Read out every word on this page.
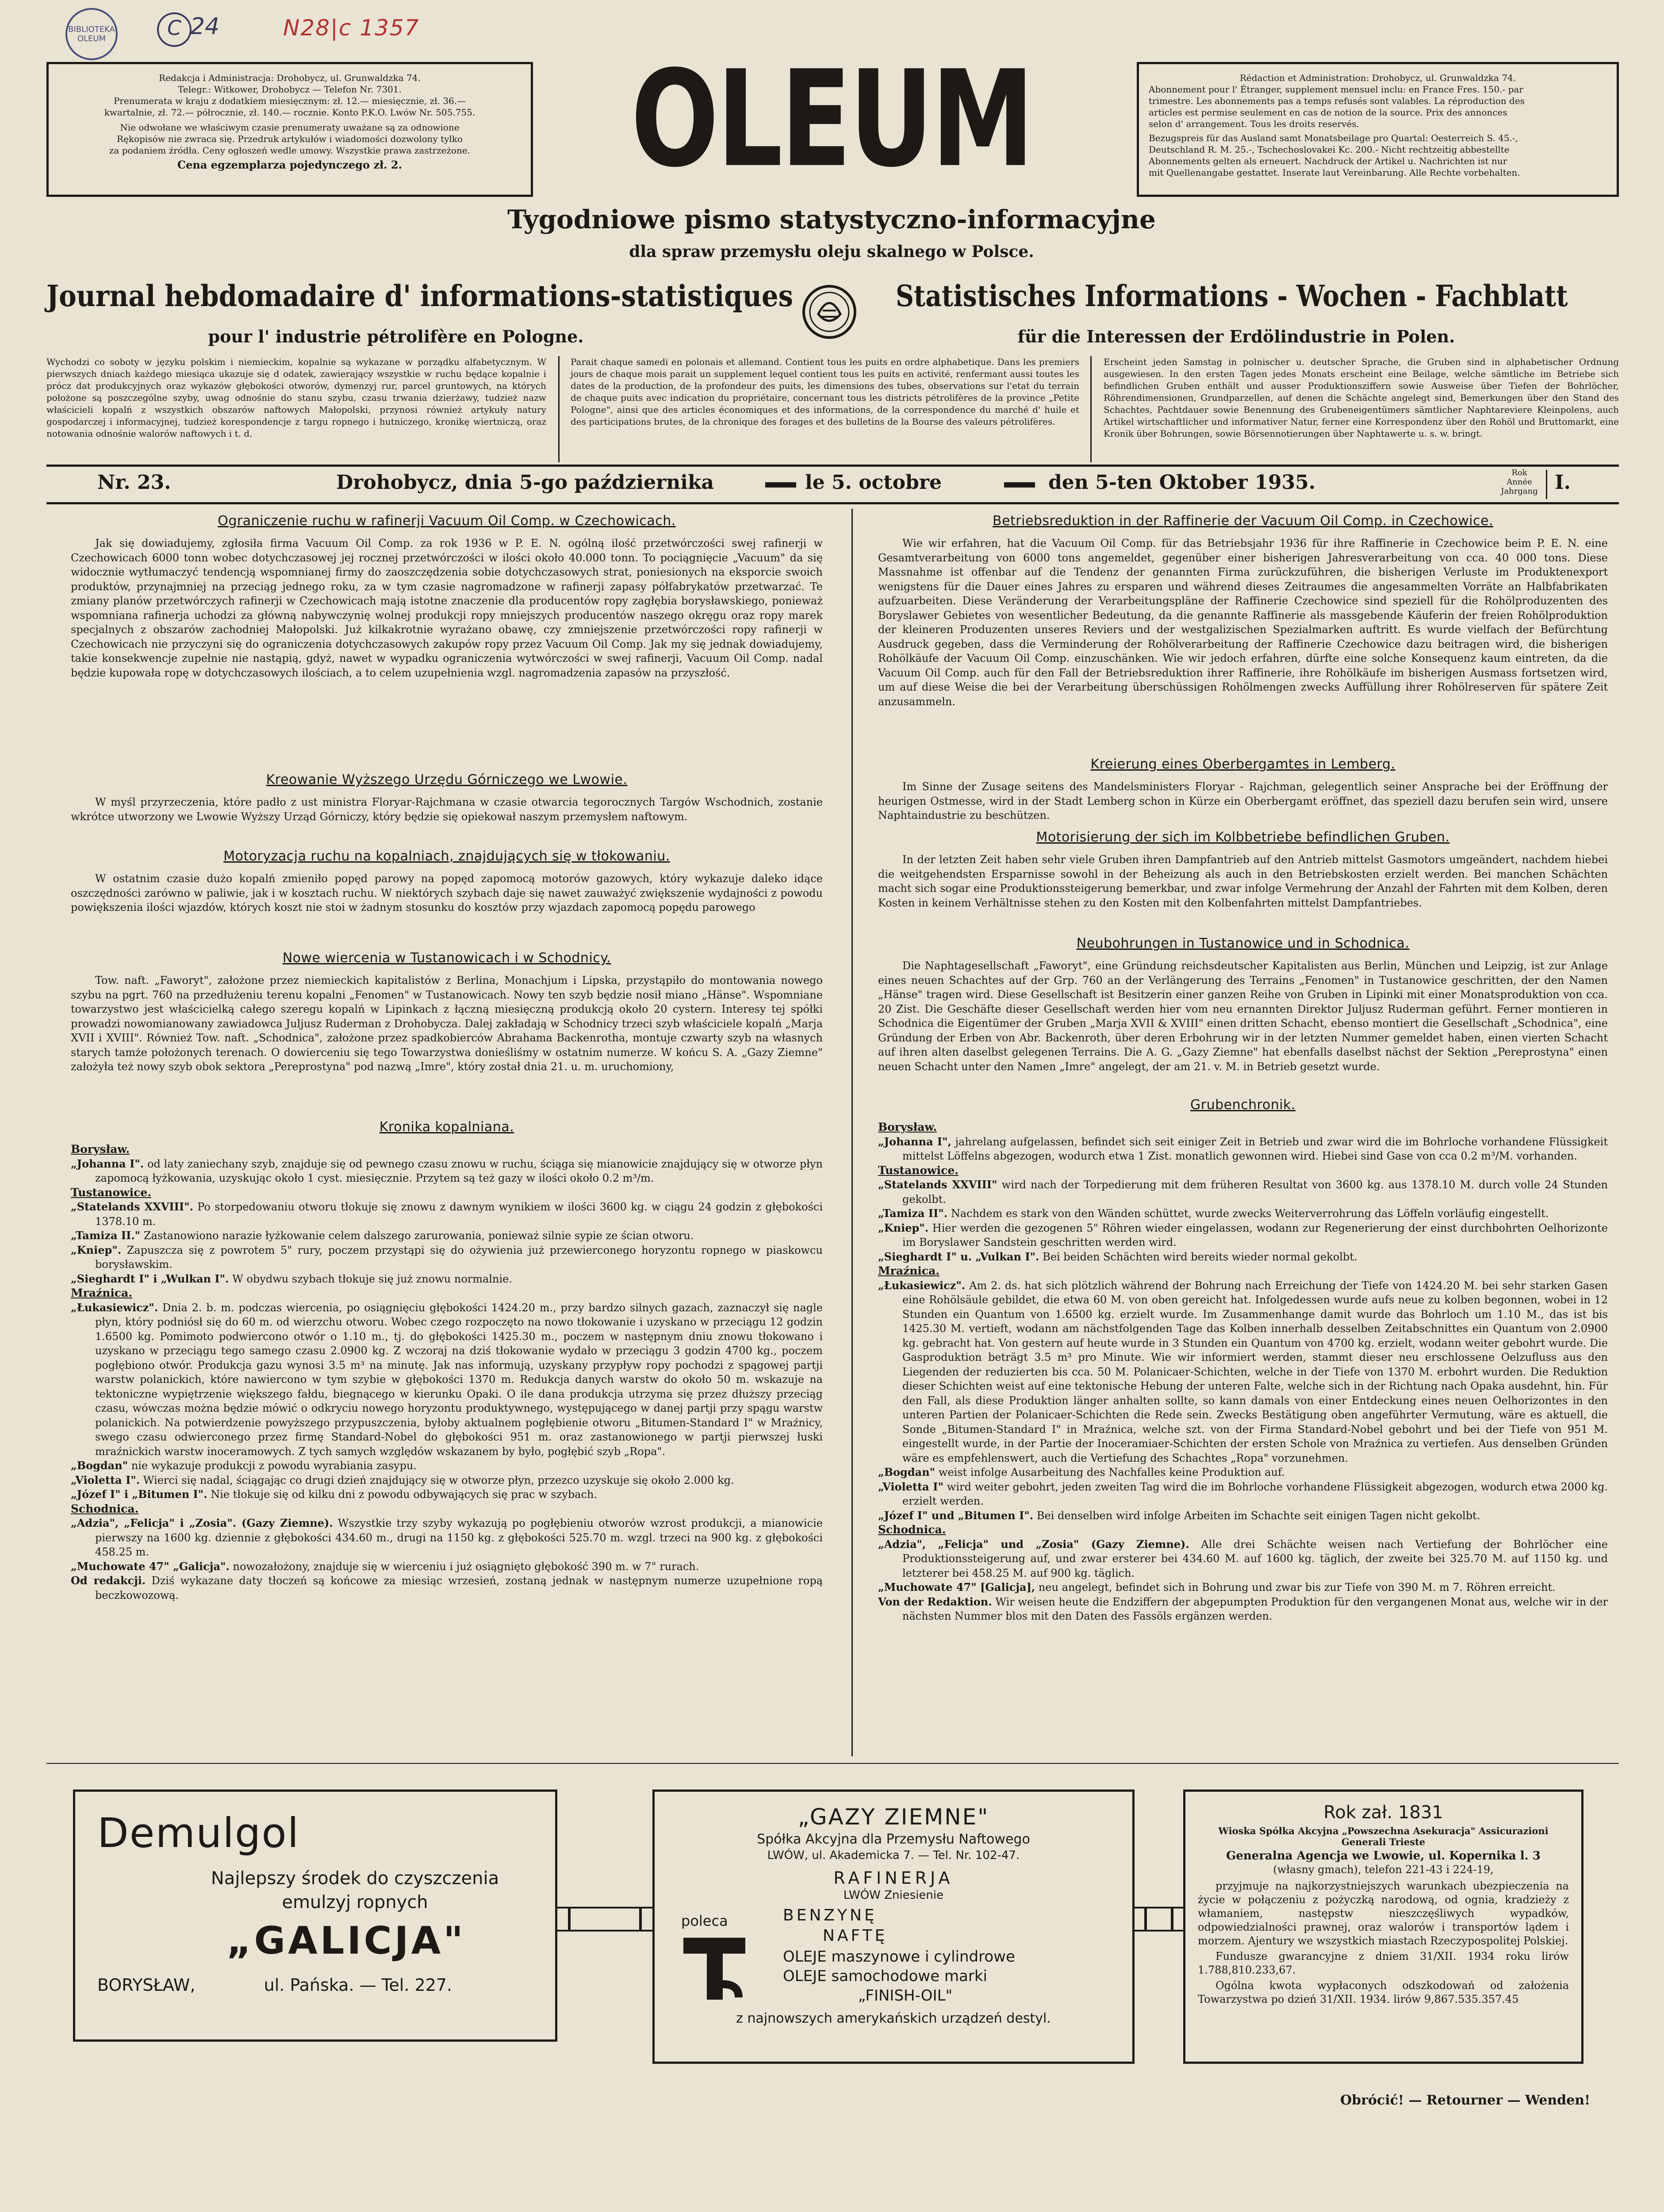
BIBLIOTEKA OLEUM	C 24	N28|c 1357
Redakcja i Administracja: Drohobycz, ul. Grunwaldzka 74.
Telegr.: Witkower, Drohobycz — Telefon Nr. 7301.
Prenumerata w kraju z dodatkiem miesięcznym: zł. 12.— miesięcznie, zł. 36.—
kwartalnie, zł. 72.— półrocznie, zł. 140.— rocznie. Konto P.K.O. Lwów Nr. 505.755.
Nie odwołane we właściwym czasie prenumeraty uważane są za odnowione
Rękopisów nie zwraca się. Przedruk artykułów i wiadomości dozwolony tylko
za podaniem źródła. Ceny ogłoszeń wedle umowy. Wszystkie prawa zastrzeżone.
Cena egzemplarza pojedynczego zł. 2.	OLEUM	Rédaction et Administration: Drohobycz, ul. Grunwaldzka 74.
Abonnement pour l' Étranger, supplement mensuel inclu: en France Fres. 150.- par
trimestre. Les abonnements pas a temps refusés sont valables. La réproduction des
articles est permise seulement en cas de notion de la source. Prix des annonces
selon d' arrangement. Tous les droits reservés.
Bezugspreis für das Ausland samt Monatsbeilage pro Quartal: Oesterreich S. 45.-,
Deutschland R. M. 25.-, Tschechoslovakei Kc. 200.- Nicht rechtzeitig abbestellte
Abonnements gelten als erneuert. Nachdruck der Artikel u. Nachrichten ist nur
mit Quellenangabe gestattet. Inserate laut Vereinbarung. Alle Rechte vorbehalten.
Tygodniowe pismo statystyczno-informacyjne
dla spraw przemysłu oleju skalnego w Polsce.
Journal hebdomadaire d' informations-statistiques
pour l' industrie pétrolifère en Pologne.
Statistisches Informations - Wochen - Fachblatt
für die Interessen der Erdölindustrie in Polen.
Wychodzi co soboty w języku polskim i niemieckim, kopalnie są wykazane w porządku alfabetycznym. W pierwszych dniach każdego miesiąca ukazuje się d odatek, zawierający wszystkie w ruchu będące kopalnie i prócz dat produkcyjnych oraz wykazów głębokości otworów, dymenzyj rur, parcel gruntowych, na których położone są poszczególne szyby, uwag odnośnie do stanu szybu, czasu trwania dzierżawy, tudzież nazw właścicieli kopalń z wszystkich obszarów naftowych Małopolski, przynosi również artykuły natury gospodarczej i informacyjnej, tudzież korespondencje z targu ropnego i hutniczego, kronikę wiertniczą, oraz notowania odnośnie walorów naftowych i t. d.
Parait chaque samedi en polonais et allemand. Contient tous les puits en ordre alphabetique. Dans les premiers jours de chaque mois parait un supplement lequel contient tous les puits en activité, renfermant aussi toutes les dates de la production, de la profondeur des puits, les dimensions des tubes, observations sur l'etat du terrain de chaque puits avec indication du propriétaire, concernant tous les districts pétrolifères de la province „Petite Pologne", ainsi que des articles économiques et des informations, de la correspondence du marché d' huile et des participations brutes, de la chronique des forages et des bulletins de la Bourse des valeurs pétrolifères.
Erscheint jeden Samstag in polnischer u. deutscher Sprache, die Gruben sind in alphabetischer Ordnung ausgewiesen. In den ersten Tagen jedes Monats erscheint eine Beilage, welche sämtliche im Betriebe sich befindlichen Gruben enthält und ausser Produktionsziffern sowie Ausweise über Tiefen der Bohrlöcher, Röhrendimensionen, Grundparzellen, auf denen die Schächte angelegt sind, Bemerkungen über den Stand des Schachtes, Pachtdauer sowie Benennung des Grubeneigentümers sämtlicher Naphtareviere Kleinpolens, auch Artikel wirtschaftlicher und informativer Natur, ferner eine Korrespondenz über den Rohöl und Bruttomarkt, eine Kronik über Bohrungen, sowie Börsennotierungen über Naphtawerte u. s. w. bringt.
Nr. 23.	Drohobycz, dnia 5-go października	le 5. octobre	den 5-ten Oktober 1935.	Rok
Année
Jahrgang I.
Ograniczenie ruchu w rafinerji Vacuum Oil Comp. w Czechowicach.
Jak się dowiadujemy, zgłosiła firma Vacuum Oil Comp. za rok 1936 w P. E. N. ogólną ilość przetwórczości swej rafinerji w Czechowicach 6000 tonn wobec dotychczasowej jej rocznej przetwórczości w ilości około 40.000 tonn. To pociągnięcie „Vacuum" da się widocznie wytłumaczyć tendencją wspomnianej firmy do zaoszczędzenia sobie dotychczasowych strat, poniesionych na eksporcie swoich produktów, przynajmniej na przeciąg jednego roku, za w tym czasie nagromadzone w rafinerji zapasy półfabrykatów przetwarzać. Te zmiany planów przetwórczych rafinerji w Czechowicach mają istotne znaczenie dla producentów ropy zagłębia borysławskiego, ponieważ wspomniana rafinerja uchodzi za główną nabywczynię wolnej produkcji ropy mniejszych producentów naszego okręgu oraz ropy marek specjalnych z obszarów zachodniej Małopolski. Już kilkakrotnie wyrażano obawę, czy zmniejszenie przetwórczości ropy rafinerji w Czechowicach nie przyczyni się do ograniczenia dotychczasowych zakupów ropy przez Vacuum Oil Comp. Jak my się jednak dowiadujemy, takie konsekwencje zupełnie nie nastąpią, gdyż, nawet w wypadku ograniczenia wytwórczości w swej rafinerji, Vacuum Oil Comp. nadal będzie kupowała ropę w dotychczasowych ilościach, a to celem uzupełnienia wzgl. nagromadzenia zapasów na przyszłość.
Kreowanie Wyższego Urzędu Górniczego we Lwowie.
W myśl przyrzeczenia, które padło z ust ministra Floryar-Rajchmana w czasie otwarcia tegorocznych Targów Wschodnich, zostanie wkrótce utworzony we Lwowie Wyższy Urząd Górniczy, który będzie się opiekował naszym przemysłem naftowym.
Motoryzacja ruchu na kopalniach, znajdujących się w tłokowaniu.
W ostatnim czasie dużo kopalń zmieniło popęd parowy na popęd zapomocą motorów gazowych, który wykazuje daleko idące oszczędności zarówno w paliwie, jak i w kosztach ruchu. W niektórych szybach daje się nawet zauważyć zwiększenie wydajności z powodu powiększenia ilości wjazdów, których koszt nie stoi w żadnym stosunku do kosztów przy wjazdach zapomocą popędu parowego
Nowe wiercenia w Tustanowicach i w Schodnicy.
Tow. naft. „Faworyt", założone przez niemieckich kapitalistów z Berlina, Monachjum i Lipska, przystąpiło do montowania nowego szybu na pgrt. 760 na przedłużeniu terenu kopalni „Fenomen" w Tustanowicach. Nowy ten szyb będzie nosił miano „Hänse". Wspomniane towarzystwo jest właścicielką całego szeregu kopalń w Lipinkach z łączną miesięczną produkcją około 20 cystern. Interesy tej spółki prowadzi nowomianowany zawiadowca Juljusz Ruderman z Drohobycza. Dalej zakładają w Schodnicy trzeci szyb właściciele kopalń „Marja XVII i XVIII". Również Tow. naft. „Schodnica", założone przez spadkobierców Abrahama Backenrotha, montuje czwarty szyb na własnych starych tamże położonych terenach. O dowierceniu się tego Towarzystwa donieśliśmy w ostatnim numerze. W końcu S. A. „Gazy Ziemne" założyła też nowy szyb obok sektora „Pereprostyna" pod nazwą „Imre", który został dnia 21. u. m. uruchomiony,
Kronika kopalniana.

Borysław.

„Johanna I". od laty zaniechany szyb, znajduje się od pewnego czasu znowu w ruchu, ściąga się mianowicie znajdujący się w otworze płyn zapomocą łyżkowania, uzyskując około 1 cyst. miesięcznie. Przytem są też gazy w ilości około 0.2 m³/m.

Tustanowice.

„Statelands XXVIII". Po storpedowaniu otworu tłokuje się znowu z dawnym wynikiem w ilości 3600 kg. w ciągu 24 godzin z głębokości 1378.10 m.

„Tamiza II." Zastanowiono narazie łyżkowanie celem dalszego zarurowania, ponieważ silnie sypie ze ścian otworu.

„Kniep". Zapuszcza się z powrotem 5" rury, poczem przystąpi się do ożywienia już przewierconego horyzontu ropnego w piaskowcu borysławskim.

„Sieghardt I" i „Wulkan I". W obydwu szybach tłokuje się już znowu normalnie.

Mraźnica.

„Łukasiewicz". Dnia 2. b. m. podczas wiercenia, po osiągnięciu głębokości 1424.20 m., przy bardzo silnych gazach, zaznaczył się nagle płyn, który podniósł się do 60 m. od wierzchu otworu. Wobec czego rozpoczęto na nowo tłokowanie i uzyskano w przeciągu 12 godzin 1.6500 kg. Pomimoto podwiercono otwór o 1.10 m., tj. do głębokości 1425.30 m., poczem w następnym dniu znowu tłokowano i uzyskano w przeciągu tego samego czasu 2.0900 kg. Z wczoraj na dziś tłokowanie wydało w przeciągu 3 godzin 4700 kg., poczem pogłębiono otwór. Produkcja gazu wynosi 3.5 m³ na minutę. Jak nas informują, uzyskany przypływ ropy pochodzi z spągowej partji warstw polanickich, które nawiercono w tym szybie w głębokości 1370 m. Redukcja danych warstw do około 50 m. wskazuje na tektoniczne wypiętrzenie większego fałdu, biegnącego w kierunku Opaki. O ile dana produkcja utrzyma się przez dłuższy przeciąg czasu, wówczas można będzie mówić o odkryciu nowego horyzontu produktywnego, występującego w danej partji przy spągu warstw polanickich. Na potwierdzenie powyższego przypuszczenia, byłoby aktualnem pogłębienie otworu „Bitumen-Standard I" w Mraźnicy, swego czasu odwierconego przez firmę Standard-Nobel do głębokości 951 m. oraz zastanowionego w partji pierwszej łuski mraźnickich warstw inoceramowych. Z tych samych względów wskazanem by było, pogłębić szyb „Ropa".

„Bogdan" nie wykazuje produkcji z powodu wyrabiania zasypu.

„Violetta I". Wierci się nadal, ściągając co drugi dzień znajdujący się w otworze płyn, przezco uzyskuje się około 2.000 kg.

„Józef I" i „Bitumen I". Nie tłokuje się od kilku dni z powodu odbywających się prac w szybach.

Schodnica.

„Adzia", „Felicja" i „Zosia". (Gazy Ziemne). Wszystkie trzy szyby wykazują po pogłębieniu otworów wzrost produkcji, a mianowicie pierwszy na 1600 kg. dziennie z głębokości 434.60 m., drugi na 1150 kg. z głębokości 525.70 m. wzgl. trzeci na 900 kg. z głębokości 458.25 m.

„Muchowate 47" „Galicja". nowozałożony, znajduje się w wierceniu i już osiągnięto głębokość 390 m. w 7" rurach.

Od redakcji. Dziś wykazane daty tłoczeń są końcowe za miesiąc wrzesień, zostaną jednak w następnym numerze uzupełnione ropą beczkowozową.

Betriebsreduktion in der Raffinerie der Vacuum Oil Comp. in Czechowice.
Wie wir erfahren, hat die Vacuum Oil Comp. für das Betriebsjahr 1936 für ihre Raffinerie in Czechowice beim P. E. N. eine Gesamtverarbeitung von 6000 tons angemeldet, gegenüber einer bisherigen Jahresverarbeitung von cca. 40 000 tons. Diese Massnahme ist offenbar auf die Tendenz der genannten Firma zurückzuführen, die bisherigen Verluste im Produktenexport wenigstens für die Dauer eines Jahres zu ersparen und während dieses Zeitraumes die angesammelten Vorräte an Halbfabrikaten aufzuarbeiten. Diese Veränderung der Verarbeitungspläne der Raffinerie Czechowice sind speziell für die Rohölproduzenten des Boryslawer Gebietes von wesentlicher Bedeutung, da die genannte Raffinerie als massgebende Käuferin der freien Rohölproduktion der kleineren Produzenten unseres Reviers und der westgalizischen Spezialmarken auftritt. Es wurde vielfach der Befürchtung Ausdruck gegeben, dass die Verminderung der Rohölverarbeitung der Raffinerie Czechowice dazu beitragen wird, die bisherigen Rohölkäufe der Vacuum Oil Comp. einzuschänken. Wie wir jedoch erfahren, dürfte eine solche Konsequenz kaum eintreten, da die Vacuum Oil Comp. auch für den Fall der Betriebsreduktion ihrer Raffinerie, ihre Rohölkäufe im bisherigen Ausmass fortsetzen wird, um auf diese Weise die bei der Verarbeitung überschüssigen Rohölmengen zwecks Auffüllung ihrer Rohölreserven für spätere Zeit anzusammeln.
Kreierung eines Oberbergamtes in Lemberg.
Im Sinne der Zusage seitens des Mandelsministers Floryar - Rajchman, gelegentlich seiner Ansprache bei der Eröffnung der heurigen Ostmesse, wird in der Stadt Lemberg schon in Kürze ein Oberbergamt eröffnet, das speziell dazu berufen sein wird, unsere Naphtaindustrie zu beschützen.
Motorisierung der sich im Kolbbetriebe befindlichen Gruben.
In der letzten Zeit haben sehr viele Gruben ihren Dampfantrieb auf den Antrieb mittelst Gasmotors umgeändert, nachdem hiebei die weitgehendsten Ersparnisse sowohl in der Beheizung als auch in den Betriebskosten erzielt werden. Bei manchen Schächten macht sich sogar eine Produktionssteigerung bemerkbar, und zwar infolge Vermehrung der Anzahl der Fahrten mit dem Kolben, deren Kosten in keinem Verhältnisse stehen zu den Kosten mit den Kolbenfahrten mittelst Dampfantriebes.
Neubohrungen in Tustanowice und in Schodnica.
Die Naphtagesellschaft „Faworyt", eine Gründung reichsdeutscher Kapitalisten aus Berlin, München und Leipzig, ist zur Anlage eines neuen Schachtes auf der Grp. 760 an der Verlängerung des Terrains „Fenomen" in Tustanowice geschritten, der den Namen „Hänse" tragen wird. Diese Gesellschaft ist Besitzerin einer ganzen Reihe von Gruben in Lipinki mit einer Monatsproduktion von cca. 20 Zist. Die Geschäfte dieser Gesellschaft werden hier vom neu ernannten Direktor Juljusz Ruderman geführt. Ferner montieren in Schodnica die Eigentümer der Gruben „Marja XVII & XVIII" einen dritten Schacht, ebenso montiert die Gesellschaft „Schodnica", eine Gründung der Erben von Abr. Backenroth, über deren Erbohrung wir in der letzten Nummer gemeldet haben, einen vierten Schacht auf ihren alten daselbst gelegenen Terrains. Die A. G. „Gazy Ziemne" hat ebenfalls daselbst nächst der Sektion „Pereprostyna" einen neuen Schacht unter den Namen „Imre" angelegt, der am 21. v. M. in Betrieb gesetzt wurde.
Grubenchronik.

Borysław.

„Johanna I", jahrelang aufgelassen, befindet sich seit einiger Zeit in Betrieb und zwar wird die im Bohrloche vorhandene Flüssigkeit mittelst Löffelns abgezogen, wodurch etwa 1 Zist. monatlich gewonnen wird. Hiebei sind Gase von cca 0.2 m³/M. vorhanden.

Tustanowice.

„Statelands XXVIII" wird nach der Torpedierung mit dem früheren Resultat von 3600 kg. aus 1378.10 M. durch volle 24 Stunden gekolbt.

„Tamiza II". Nachdem es stark von den Wänden schüttet, wurde zwecks Weiterverrohrung das Löffeln vorläufig eingestellt.

„Kniep". Hier werden die gezogenen 5" Röhren wieder eingelassen, wodann zur Regenerierung der einst durchbohrten Oelhorizonte im Boryslawer Sandstein geschritten werden wird.

„Sieghardt I" u. „Vulkan I". Bei beiden Schächten wird bereits wieder normal gekolbt.

Mraźnica.

„Łukasiewicz". Am 2. ds. hat sich plötzlich während der Bohrung nach Erreichung der Tiefe von 1424.20 M. bei sehr starken Gasen eine Rohölsäule gebildet, die etwa 60 M. von oben gereicht hat. Infolgedessen wurde aufs neue zu kolben begonnen, wobei in 12 Stunden ein Quantum von 1.6500 kg. erzielt wurde. Im Zusammenhange damit wurde das Bohrloch um 1.10 M., das ist bis 1425.30 M. vertieft, wodann am nächstfolgenden Tage das Kolben innerhalb desselben Zeitabschnittes ein Quantum von 2.0900 kg. gebracht hat. Von gestern auf heute wurde in 3 Stunden ein Quantum von 4700 kg. erzielt, wodann weiter gebohrt wurde. Die Gasproduktion beträgt 3.5 m³ pro Minute. Wie wir informiert werden, stammt dieser neu erschlossene Oelzufluss aus den Liegenden der reduzierten bis cca. 50 M. Polanicaer-Schichten, welche in der Tiefe von 1370 M. erbohrt wurden. Die Reduktion dieser Schichten weist auf eine tektonische Hebung der unteren Falte, welche sich in der Richtung nach Opaka ausdehnt, hin. Für den Fall, als diese Produktion länger anhalten sollte, so kann damals von einer Entdeckung eines neuen Oelhorizontes in den unteren Partien der Polanicaer-Schichten die Rede sein. Zwecks Bestätigung oben angeführter Vermutung, wäre es aktuell, die Sonde „Bitumen-Standard I" in Mraźnica, welche szt. von der Firma Standard-Nobel gebohrt und bei der Tiefe von 951 M. eingestellt wurde, in der Partie der Inoceramiaer-Schichten der ersten Schole von Mraźnica zu vertiefen. Aus denselben Gründen wäre es empfehlenswert, auch die Vertiefung des Schachtes „Ropa" vorzunehmen.

„Bogdan" weist infolge Ausarbeitung des Nachfalles keine Produktion auf.

„Violetta I" wird weiter gebohrt, jeden zweiten Tag wird die im Bohrloche vorhandene Flüssigkeit abgezogen, wodurch etwa 2000 kg. erzielt werden.

„Józef I" und „Bitumen I". Bei denselben wird infolge Arbeiten im Schachte seit einigen Tagen nicht gekolbt.

Schodnica.

„Adzia", „Felicja" und „Zosia" (Gazy Ziemne). Alle drei Schächte weisen nach Vertiefung der Bohrlöcher eine Produktionssteigerung auf, und zwar ersterer bei 434.60 M. auf 1600 kg. täglich, der zweite bei 325.70 M. auf 1150 kg. und letzterer bei 458.25 M. auf 900 kg. täglich.

„Muchowate 47" [Galicja], neu angelegt, befindet sich in Bohrung und zwar bis zur Tiefe von 390 M. m 7. Röhren erreicht.

Von der Redaktion. Wir weisen heute die Endziffern der abgepumpten Produktion für den vergangenen Monat aus, welche wir in der nächsten Nummer blos mit den Daten des Fassöls ergänzen werden.

Demulgol
Najlepszy środek do czyszczenia
emulzyj ropnych
„GALICJA"
BORYSŁAW,	ul. Pańska. — Tel. 227.
„GAZY ZIEMNE"
Spółka Akcyjna dla Przemysłu Naftowego
LWÓW, ul. Akademicka 7. — Tel. Nr. 102-47.
RAFINERJA
LWÓW Zniesienie
poleca	BENZYNĘ
NAFTĘ
OLEJE maszynowe i cylindrowe
OLEJE samochodowe marki
„FINISH-OIL"
z najnowszych amerykańskich urządzeń destyl.
Rok zał. 1831
Wioska Spółka Akcyjna „Powszechna Asekuracja" Assicurazioni Generali Trieste
Generalna Agencja we Lwowie, ul. Kopernika l. 3
(własny gmach), telefon 221-43 i 224-19,
przyjmuje na najkorzystniejszych warunkach ubezpieczenia na życie w połączeniu z pożyczką narodową, od ognia, kradzieży z włamaniem, następstw nieszczęśliwych wypadków, odpowiedzialności prawnej, oraz walorów i transportów lądem i morzem. Ajentury we wszystkich miastach Rzeczypospolitej Polskiej.
Fundusze gwarancyjne z dniem 31/XII. 1934 roku lirów 1.788,810.233,67.
Ogólna kwota wypłaconych odszkodowań od założenia Towarzystwa po dzień 31/XII. 1934. lirów 9,867.535.357.45
Obrócić! — Retourner — Wenden!
